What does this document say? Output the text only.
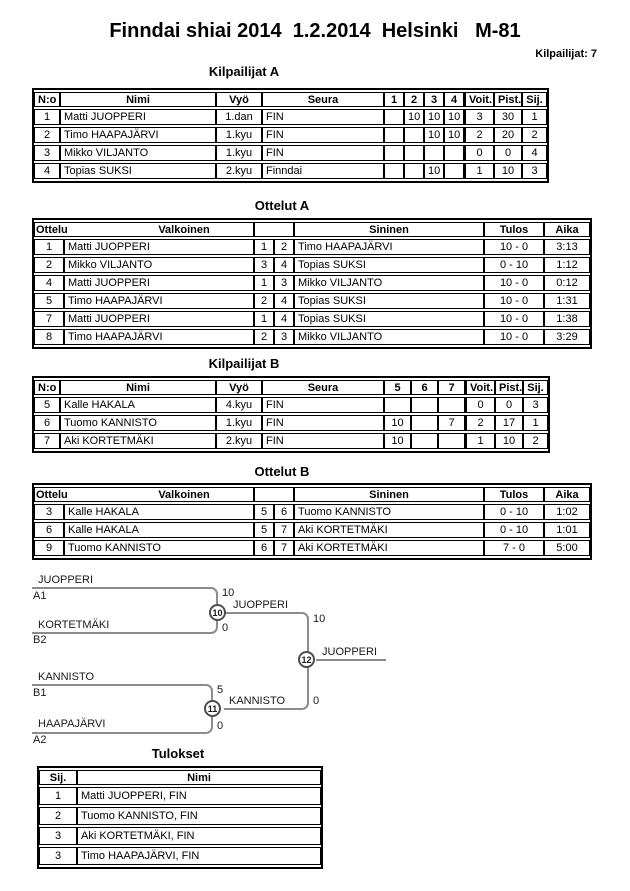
Finndai shiai 2014  1.2.2014  Helsinki   M-81
Kilpailijat: 7
Kilpailijat A
N:o	Nimi	Vyö	Seura	1	2	3	4	Voit.	Pist.	Sij.
1	Matti JUOPPERI	1.dan	FIN		10	10	10	3	30	1
2	Timo HAAPAJÄRVI	1.kyu	FIN			10	10	2	20	2
3	Mikko VILJANTO	1.kyu	FIN					0	0	4
4	Topias SUKSI	2.kyu	Finndai			10		1	10	3
Ottelut A
Ottelu Valkoinen				Sininen	Tulos	Aika
1	Matti JUOPPERI	1	2	Timo HAAPAJÄRVI	10 - 0	3:13
2	Mikko VILJANTO	3	4	Topias SUKSI	0 - 10	1:12
4	Matti JUOPPERI	1	3	Mikko VILJANTO	10 - 0	0:12
5	Timo HAAPAJÄRVI	2	4	Topias SUKSI	10 - 0	1:31
7	Matti JUOPPERI	1	4	Topias SUKSI	10 - 0	1:38
8	Timo HAAPAJÄRVI	2	3	Mikko VILJANTO	10 - 0	3:29
Kilpailijat B
N:o	Nimi	Vyö	Seura	5	6	7	Voit.	Pist.	Sij.
5	Kalle HAKALA	4.kyu	FIN				0	0	3
6	Tuomo KANNISTO	1.kyu	FIN	10		7	2	17	1
7	Aki KORTETMÄKI	2.kyu	FIN	10			1	10	2
Ottelut B
Ottelu Valkoinen				Sininen	Tulos	Aika
3	Kalle HAKALA	5	6	Tuomo KANNISTO	0 - 10	1:02
6	Kalle HAKALA	5	7	Aki KORTETMÄKI	0 - 10	1:01
9	Tuomo KANNISTO	6	7	Aki KORTETMÄKI	7 - 0	5:00
JUOPPERI
A1
KORTETMÄKI
B2
10
0
10
JUOPPERI
KANNISTO
B1
HAAPAJÄRVI
A2
5
0
11
KANNISTO
10
0
12
JUOPPERI
Tulokset
Sij.	Nimi
1	Matti JUOPPERI, FIN
2	Tuomo KANNISTO, FIN
3	Aki KORTETMÄKI, FIN
3	Timo HAAPAJÄRVI, FIN
